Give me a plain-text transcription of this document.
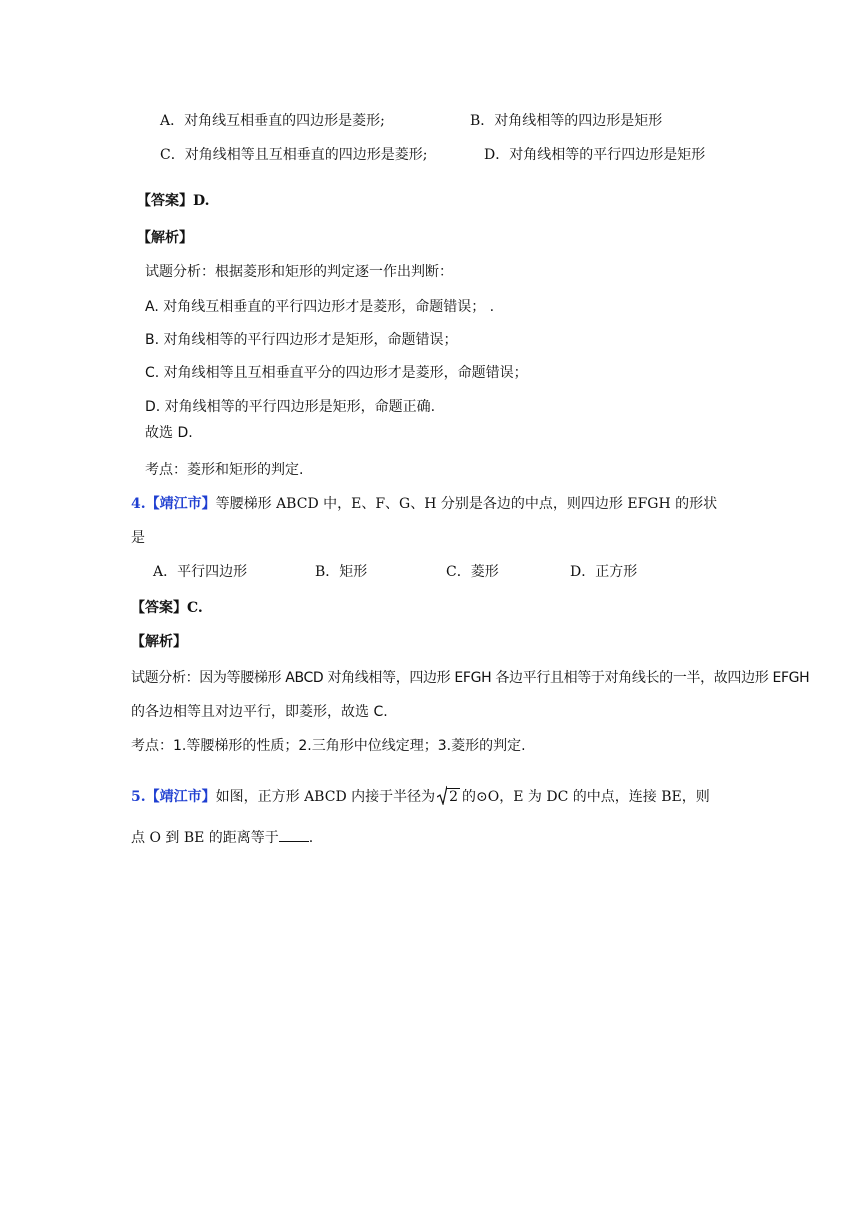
A．对角线互相垂直的四边形是菱形;	B．对角线相等的四边形是矩形
C．对角线相等且互相垂直的四边形是菱形;	D．对角线相等的平行四边形是矩形
【答案】D.
【解析】
试题分析：根据菱形和矩形的判定逐一作出判断：
A. 对角线互相垂直的平行四边形才是菱形，命题错误； .
B. 对角线相等的平行四边形才是矩形，命题错误；
C. 对角线相等且互相垂直平分的四边形才是菱形，命题错误；
D. 对角线相等的平行四边形是矩形，命题正确.
故选 D.
考点：菱形和矩形的判定.
4.【靖江市】等腰梯形 ABCD 中，E、F、G、H 分别是各边的中点，则四边形 EFGH 的形状
是
A．平行四边形	B．矩形	C．菱形	D．正方形
【答案】C.
【解析】
试题分析：因为等腰梯形 ABCD 对角线相等，四边形 EFGH 各边平行且相等于对角线长的一半，故四边形 EFGH
的各边相等且对边平行，即菱形，故选 C.
考点：1.等腰梯形的性质；2.三角形中位线定理；3.菱形的判定.
5.【靖江市】如图，正方形 ABCD 内接于半径为 2 的⊙O，E 为 DC 的中点，连接 BE，则
点 O 到 BE 的距离等于 .
